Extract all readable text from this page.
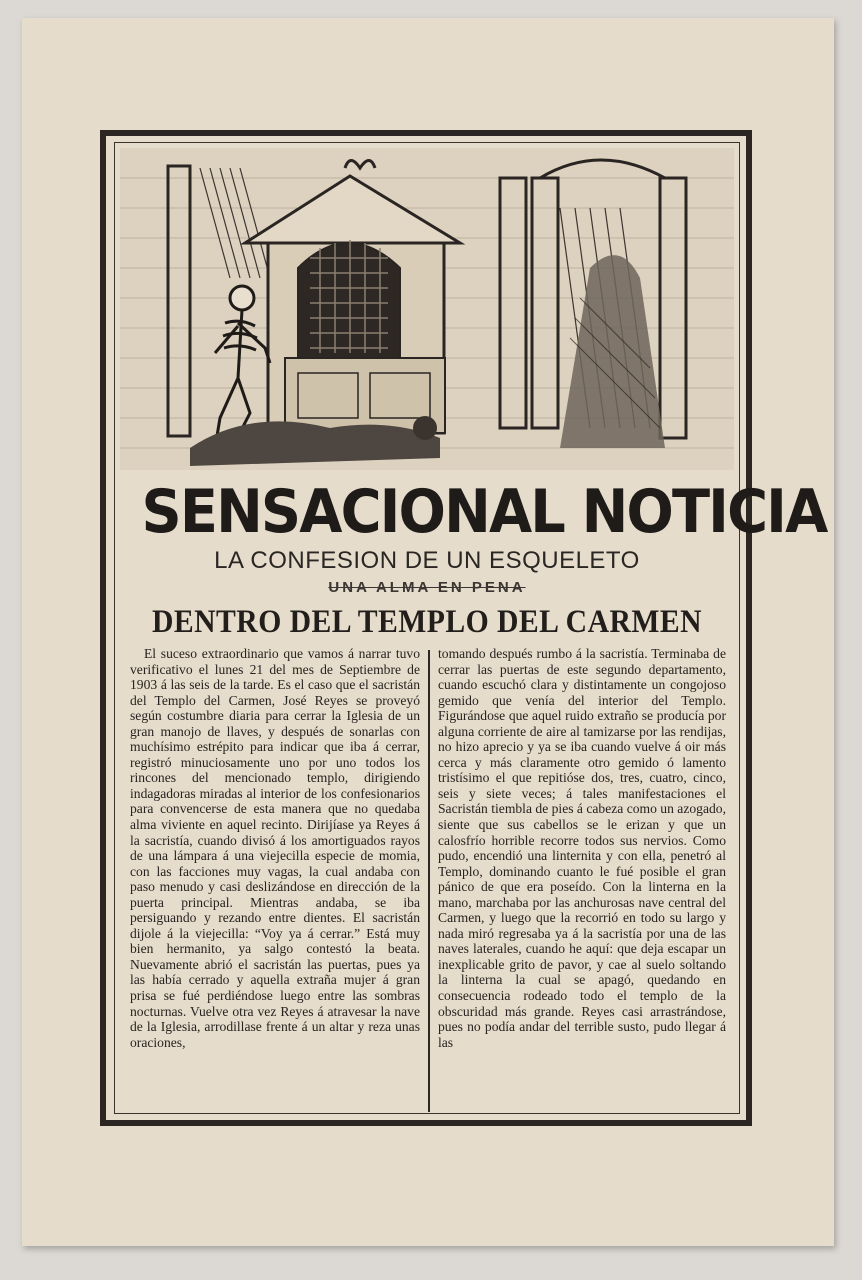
SENSACIONAL NOTICIA
LA CONFESION DE UN ESQUELETO
UNA ALMA EN PENA
DENTRO DEL TEMPLO DEL CARMEN

El suceso extraordinario que vamos á narrar tuvo verificativo el lunes 21 del mes de Septiembre de 1903 á las seis de la tarde. Es el caso que el sacristán del Templo del Carmen, José Reyes se proveyó según costumbre diaria para cerrar la Iglesia de un gran manojo de llaves, y después de sonarlas con muchísimo estrépito para indicar que iba á cerrar, registró minuciosamente uno por uno todos los rincones del mencionado templo, dirigiendo indagadoras miradas al interior de los confesionarios para convencerse de esta manera que no quedaba alma viviente en aquel recinto. Dirijíase ya Reyes á la sacristía, cuando divisó á los amortiguados rayos de una lámpara á una viejecilla especie de momia, con las facciones muy vagas, la cual andaba con paso menudo y casi deslizándose en dirección de la puerta principal. Mientras andaba, se iba persiguando y rezando entre dientes. El sacristán dijole á la viejecilla: “Voy ya á cerrar.” Está muy bien hermanito, ya salgo contestó la beata. Nuevamente abrió el sacristán las puertas, pues ya las había cerrado y aquella extraña mujer á gran prisa se fué perdiéndose luego entre las sombras nocturnas. Vuelve otra vez Reyes á atravesar la nave de la Iglesia, arrodillase frente á un altar y reza unas oraciones,

tomando después rumbo á la sacristía. Terminaba de cerrar las puertas de este segundo departamento, cuando escuchó clara y distintamente un congojoso gemido que venía del interior del Templo. Figurándose que aquel ruido extraño se producía por alguna corriente de aire al tamizarse por las rendijas, no hizo aprecio y ya se iba cuando vuelve á oir más cerca y más claramente otro gemido ó lamento tristísimo el que repitióse dos, tres, cuatro, cinco, seis y siete veces; á tales manifestaciones el Sacristán tiembla de pies á cabeza como un azogado, siente que sus cabellos se le erizan y que un calosfrío horrible recorre todos sus nervios. Como pudo, encendió una linternita y con ella, penetró al Templo, dominando cuanto le fué posible el gran pánico de que era poseído. Con la linterna en la mano, marchaba por las anchurosas nave central del Carmen, y luego que la recorrió en todo su largo y nada miró regresaba ya á la sacristía por una de las naves laterales, cuando he aquí: que deja escapar un inexplicable grito de pavor, y cae al suelo soltando la linterna la cual se apagó, quedando en consecuencia rodeado todo el templo de la obscuridad más grande. Reyes casi arrastrándose, pues no podía andar del terrible susto, pudo llegar á las
